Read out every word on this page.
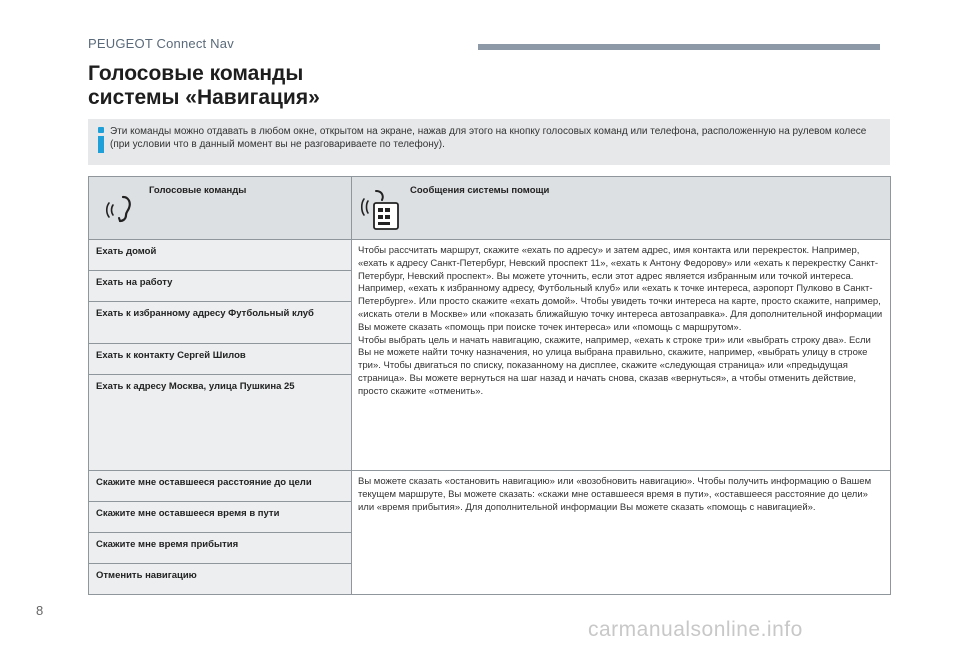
PEUGEOT Connect Nav
Голосовые команды
системы «Навигация»
Эти команды можно отдавать в любом окне, открытом на экране, нажав для этого на кнопку голосовых команд или телефона, расположенную на рулевом колесе (при условии что в данный момент вы не разговариваете по телефону).
Голосовые команды	Сообщения системы помощи

Ехать домой	Чтобы рассчитать маршрут, скажите «ехать по адресу» и затем адрес, имя контакта или перекресток. Например, «ехать к адресу Санкт-Петербург, Невский проспект 11», «ехать к Антону Федорову» или «ехать к перекрестку Санкт-Петербург, Невский проспект». Вы можете уточнить, если этот адрес является избранным или точкой интереса. Например, «ехать к избранному адресу, Футбольный клуб» или «ехать к точке интереса, аэропорт Пулково в Санкт-Петербурге». Или просто скажите «ехать домой». Чтобы увидеть точки интереса на карте, просто скажите, например, «искать отели в Москве» или «показать ближайшую точку интереса автозаправка». Для дополнительной информации Вы можете сказать «помощь при поиске точек интереса» или «помощь с маршрутом».

Чтобы выбрать цель и начать навигацию, скажите, например, «ехать к строке три» или «выбрать строку два». Если Вы не можете найти точку назначения, но улица выбрана правильно, скажите, например, «выбрать улицу в строке три». Чтобы двигаться по списку, показанному на дисплее, скажите «следующая страница» или «предыдущая страница». Вы можете вернуться на шаг назад и начать снова, сказав «вернуться», а чтобы отменить действие, просто скажите «отменить».

Ехать на работу	
Ехать к избранному адресу Футбольный клуб	
Ехать к контакту Сергей Шилов	
Ехать к адресу Москва, улица Пушкина 25	
Скажите мне оставшееся расстояние до цели	Вы можете сказать «остановить навигацию» или «возобновить навигацию». Чтобы получить информацию о Вашем текущем маршруте, Вы можете сказать: «скажи мне оставшееся время в пути», «оставшееся расстояние до цели» или «время прибытия». Для дополнительной информации Вы можете сказать «помощь с навигацией».
Скажите мне оставшееся время в пути	
Скажите мне время прибытия	
Отменить навигацию	
8
carmanualsonline.info
